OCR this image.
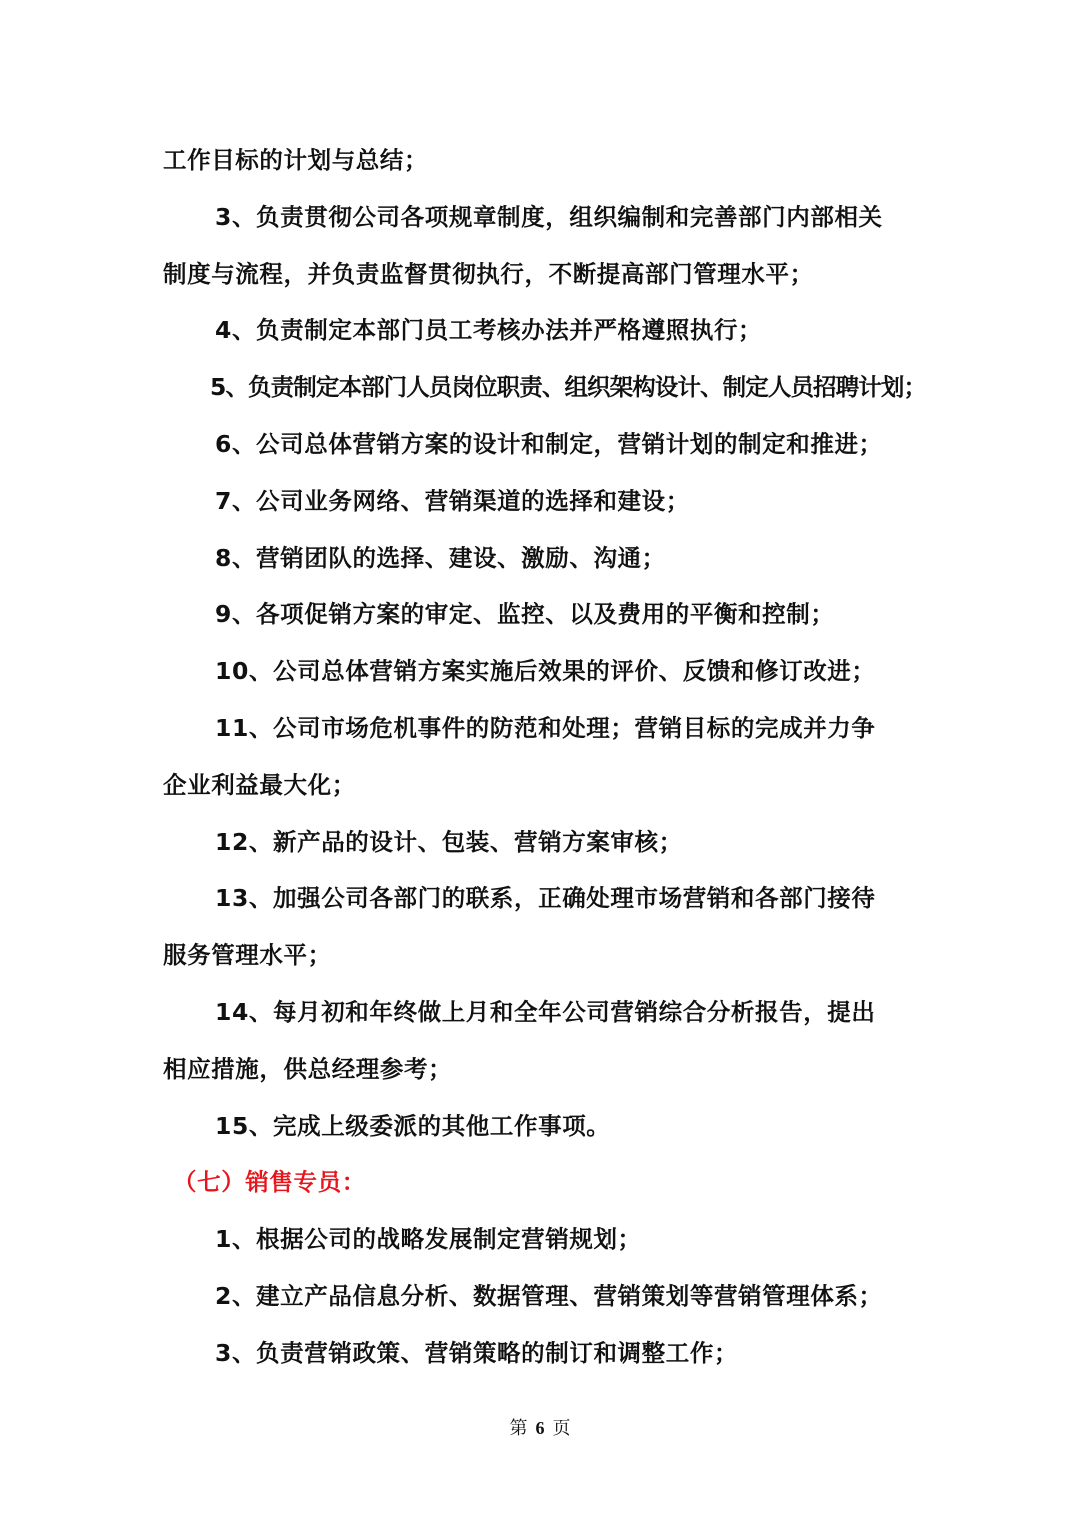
工作目标的计划与总结；
3、负责贯彻公司各项规章制度，组织编制和完善部门内部相关
制度与流程，并负责监督贯彻执行，不断提高部门管理水平；
4、负责制定本部门员工考核办法并严格遵照执行；
5、负责制定本部门人员岗位职责、组织架构设计、制定人员招聘计划；
6、公司总体营销方案的设计和制定，营销计划的制定和推进；
7、公司业务网络、营销渠道的选择和建设；
8、营销团队的选择、建设、激励、沟通；
9、各项促销方案的审定、监控、以及费用的平衡和控制；
10、公司总体营销方案实施后效果的评价、反馈和修订改进；
11、公司市场危机事件的防范和处理；营销目标的完成并力争
企业利益最大化；
12、新产品的设计、包装、营销方案审核；
13、加强公司各部门的联系，正确处理市场营销和各部门接待
服务管理水平；
14、每月初和年终做上月和全年公司营销综合分析报告，提出
相应措施，供总经理参考；
15、完成上级委派的其他工作事项。
（七）销售专员：
1、根据公司的战略发展制定营销规划；
2、建立产品信息分析、数据管理、营销策划等营销管理体系；
3、负责营销政策、营销策略的制订和调整工作；
第 6 页
